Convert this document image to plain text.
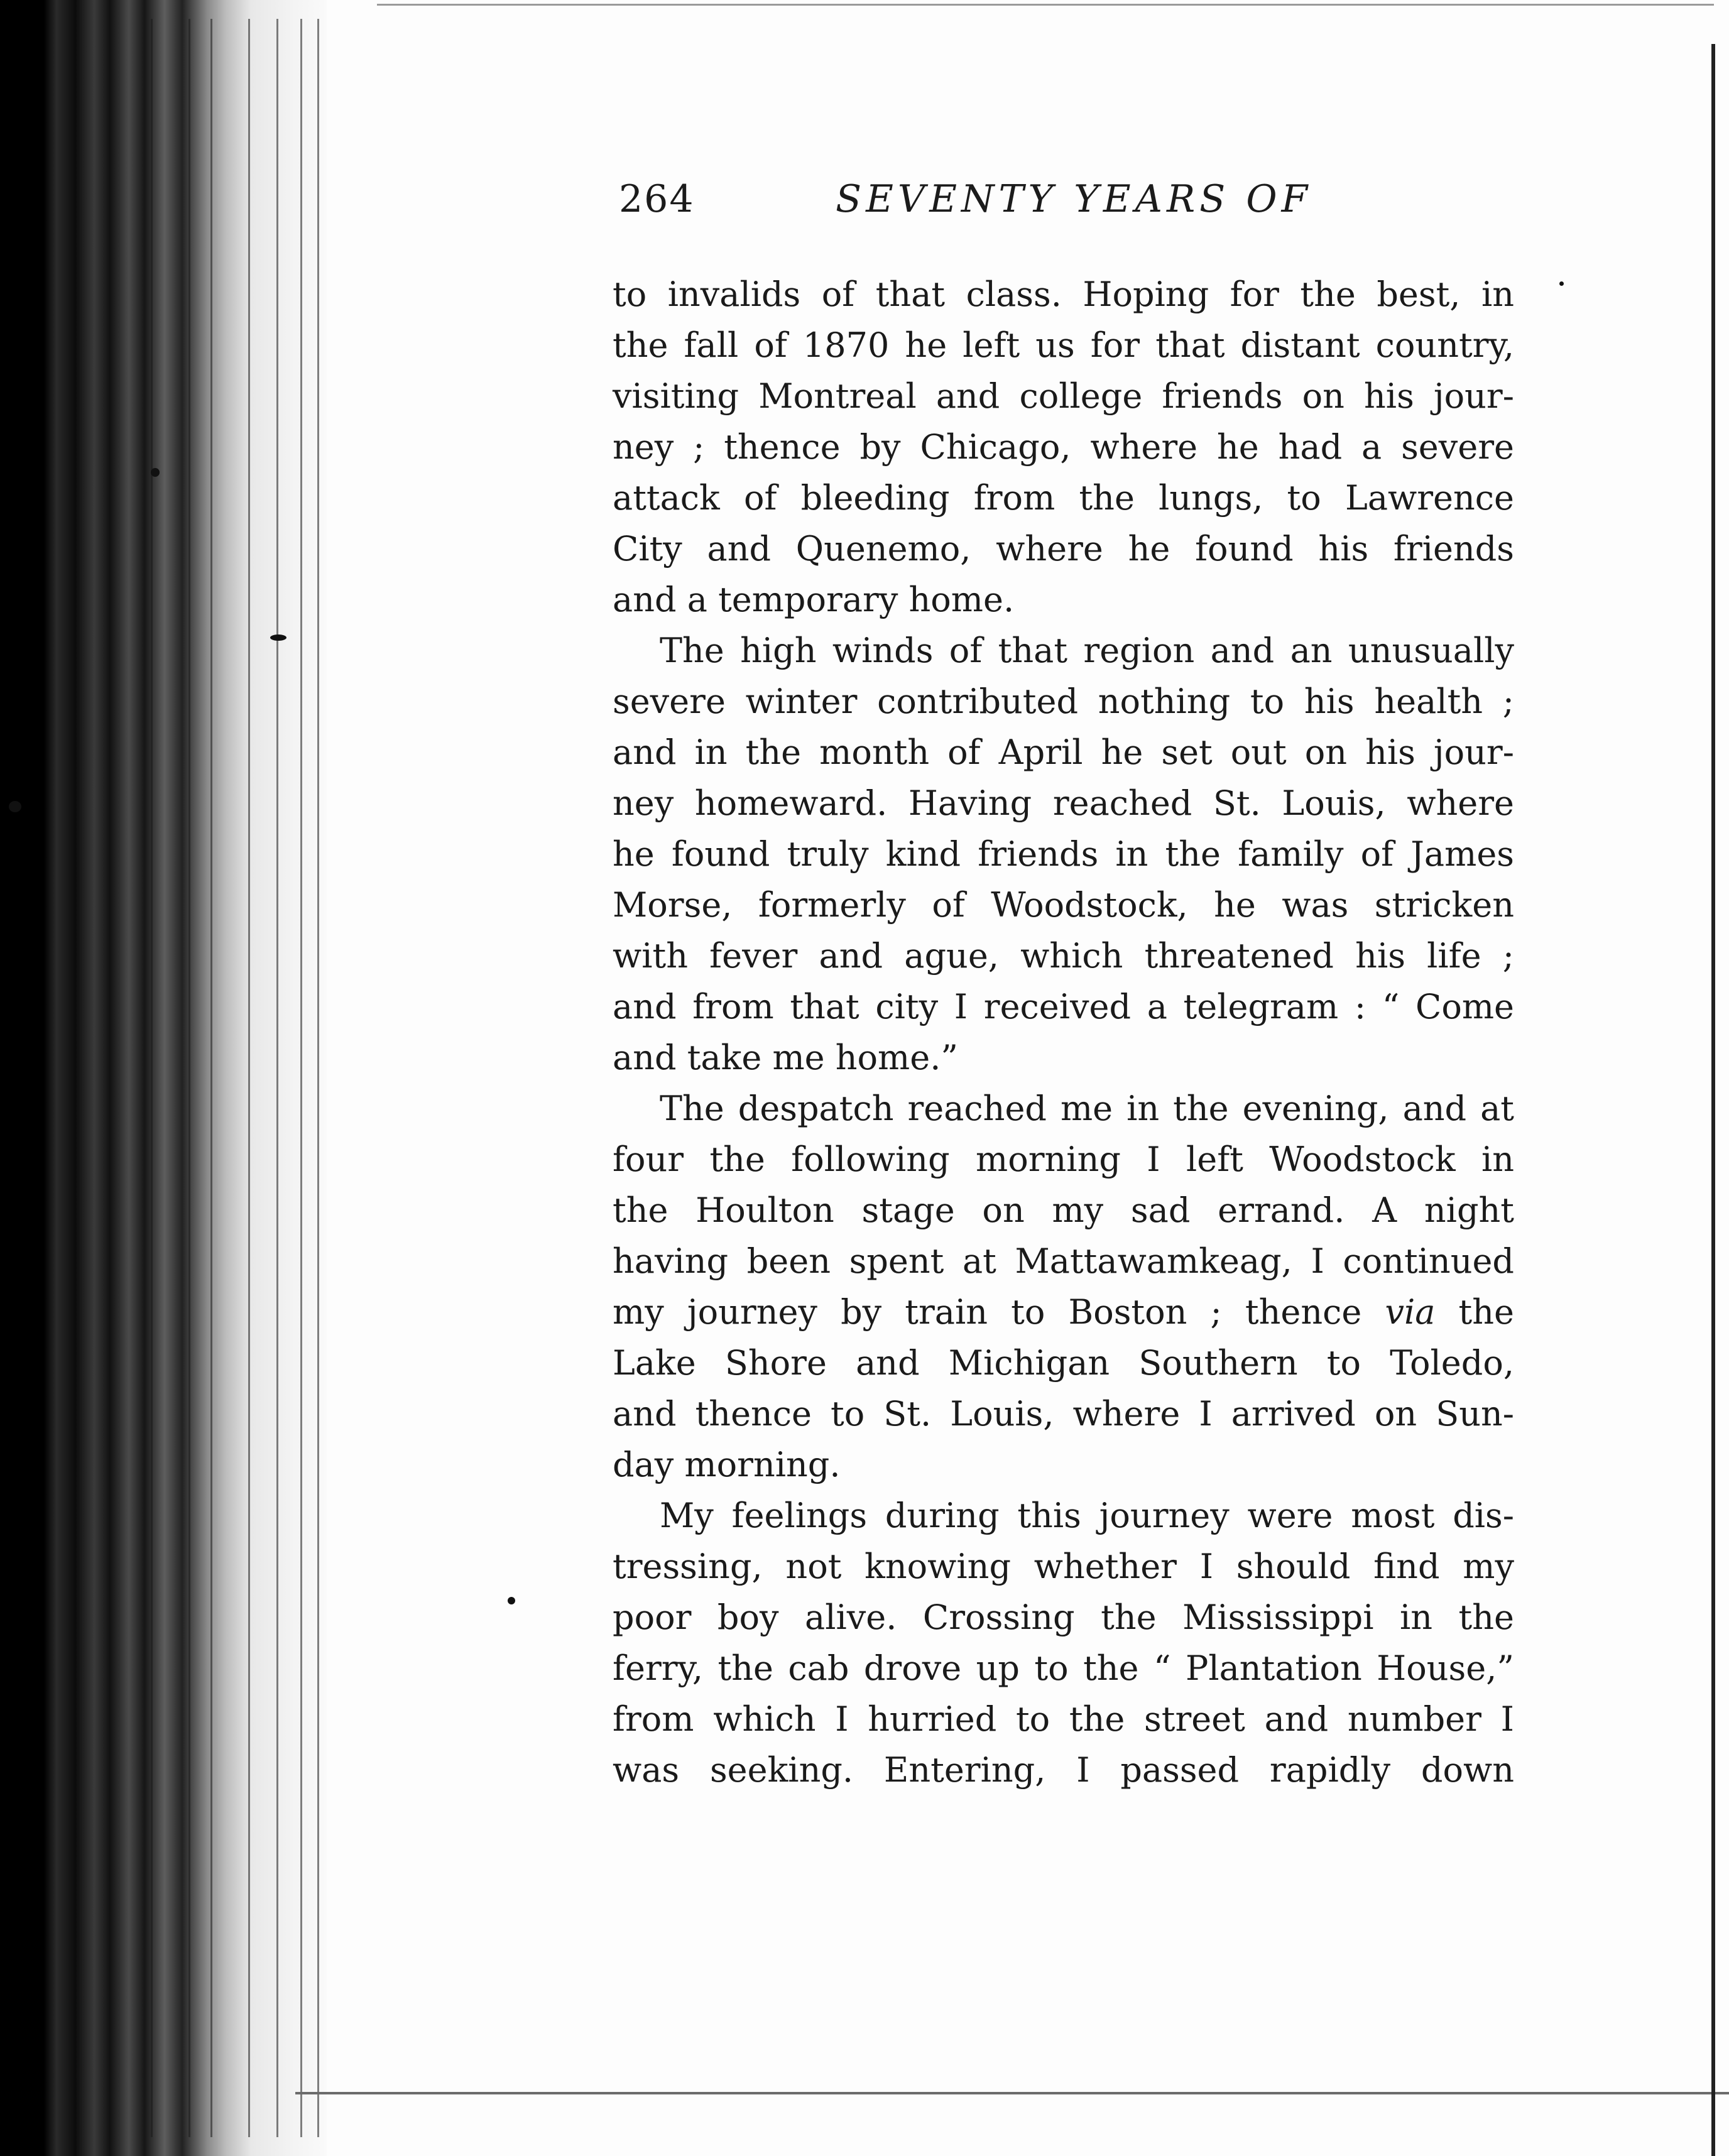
264	SEVENTY YEARS OF
to invalids of that class. Hoping for the best, in
the fall of 1870 he left us for that distant country,
visiting Montreal and college friends on his jour-
ney ; thence by Chicago, where he had a severe
attack of bleeding from the lungs, to Lawrence
City and Quenemo, where he found his friends
and a temporary home.
The high winds of that region and an unusually
severe winter contributed nothing to his health ;
and in the month of April he set out on his jour-
ney homeward. Having reached St. Louis, where
he found truly kind friends in the family of James
Morse, formerly of Woodstock, he was stricken
with fever and ague, which threatened his life ;
and from that city I received a telegram : “ Come
and take me home.”
The despatch reached me in the evening, and at
four the following morning I left Woodstock in
the Houlton stage on my sad errand. A night
having been spent at Mattawamkeag, I continued
my journey by train to Boston ; thence via the
Lake Shore and Michigan Southern to Toledo,
and thence to St. Louis, where I arrived on Sun-
day morning.
My feelings during this journey were most dis-
tressing, not knowing whether I should find my
poor boy alive. Crossing the Mississippi in the
ferry, the cab drove up to the “ Plantation House,”
from which I hurried to the street and number I
was seeking. Entering, I passed rapidly down
